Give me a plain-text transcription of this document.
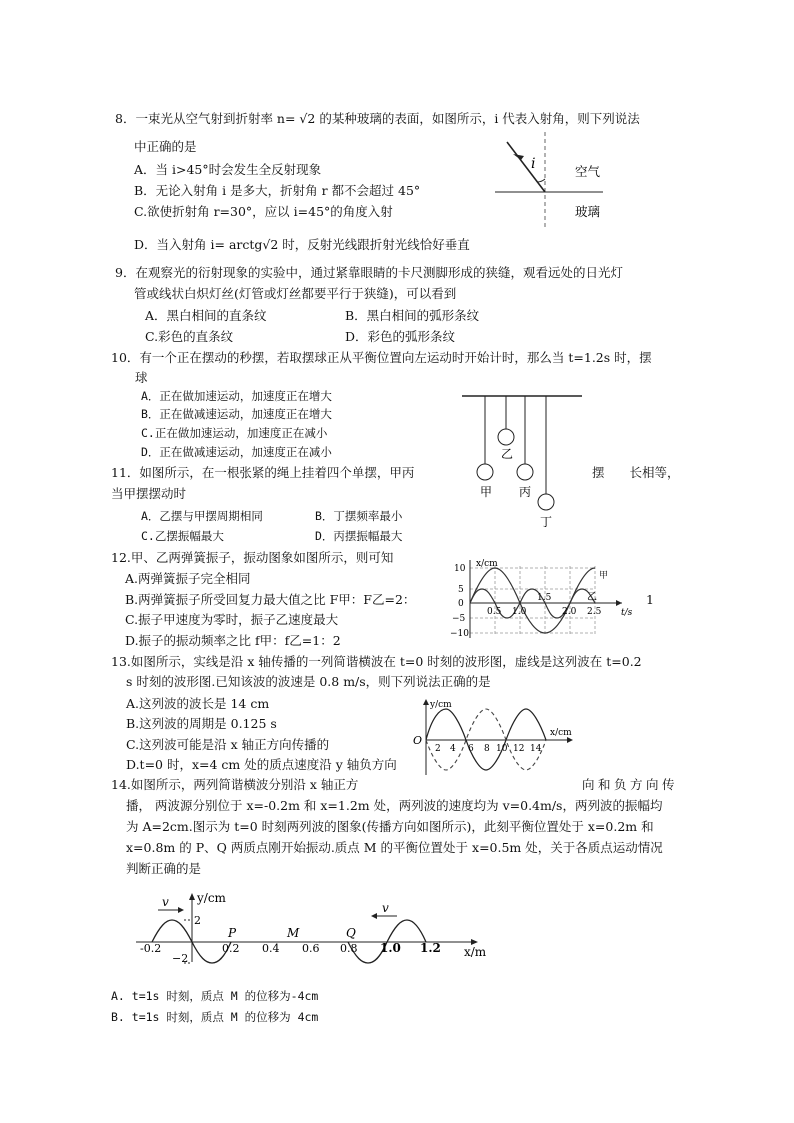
8．一束光从空气射到折射率 n= √2 的某种玻璃的表面，如图所示，i 代表入射角，则下列说法
中正确的是
A．当 i>45°时会发生全反射现象
B．无论入射角 i 是多大，折射角 r 都不会超过 45°
C.欲使折射角 r=30°，应以 i=45°的角度入射
D．当入射角 i= arctg√2 时，反射光线跟折射光线恰好垂直
i	空气
玻璃
9．在观察光的衍射现象的实验中，通过紧靠眼睛的卡尺测脚形成的狭缝，观看远处的日光灯
管或线状白炽灯丝(灯管或灯丝都要平行于狭缝)，可以看到
A．黑白相间的直条纹	B．黑白相间的弧形条纹
C.彩色的直条纹	D．彩色的弧形条纹
10．有一个正在摆动的秒摆，若取摆球正从平衡位置向左运动时开始计时，那么当 t=1.2s 时，摆
球
A．正在做加速运动，加速度正在增大
B．正在做减速运动，加速度正在增大
C.正在做加速运动，加速度正在减小
D．正在做减速运动，加速度正在减小
11．如图所示，在一根张紧的绳上挂着四个单摆，甲丙	摆　　长相等，
当甲摆摆动时
A．乙摆与甲摆周期相同	B．丁摆频率最小
C.乙摆振幅最大	D．丙摆振幅最大
甲
乙
丙
丁
12.甲、乙两弹簧振子，振动图象如图所示，则可知
A.两弹簧振子完全相同
B.两弹簧振子所受回复力最大值之比 F甲：F乙=2：	1
C.振子甲速度为零时，振子乙速度最大
D.振子的振动频率之比 f甲：f乙=1：2
x/cm
t/s
10
5
0
−5
−10
0.5 1.0
1.5
2.0 2.5
甲
乙
13.如图所示，实线是沿 x 轴传播的一列简谐横波在 t=0 时刻的波形图，虚线是这列波在 t=0.2
s 时刻的波形图.已知该波的波速是 0.8 m/s，则下列说法正确的是
A.这列波的波长是 14 cm
B.这列波的周期是 0.125 s
C.这列波可能是沿 x 轴正方向传播的
D.t=0 时，x=4 cm 处的质点速度沿 y 轴负方向
y/cm
x/cm
O
2 4 6 8 10 12 14
14.如图所示，两列简谐横波分别沿 x 轴正方	向和负方向传
播， 两波源分别位于 x=-0.2m 和 x=1.2m 处，两列波的速度均为 v=0.4m/s，两列波的振幅均
为 A=2cm.图示为 t=0 时刻两列波的图象(传播方向如图所示)，此刻平衡位置处于 x=0.2m 和
x=0.8m 的 P、Q 两质点刚开始振动.质点 M 的平衡位置处于 x=0.5m 处，关于各质点运动情况
判断正确的是
v	v
y/cm
2
−2
-0.2	0.2 0.4 0.6 0.8 1.0 1.2 x/m
P	M	Q
A. t=1s 时刻，质点 M 的位移为-4cm
B. t=1s 时刻，质点 M 的位移为 4cm
